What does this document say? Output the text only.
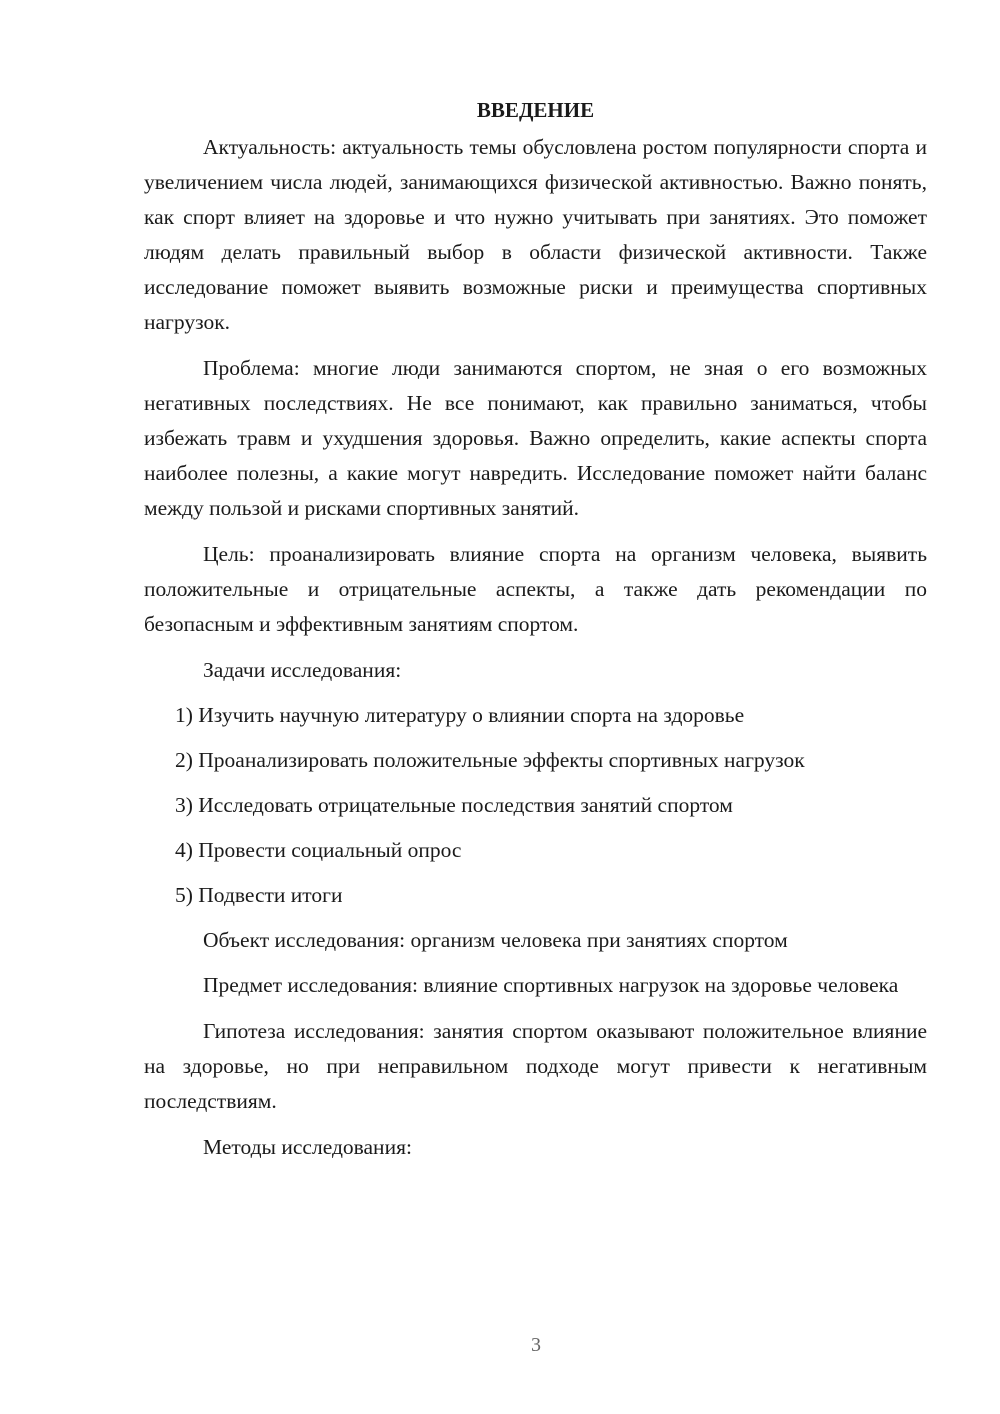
ВВЕДЕНИЕ

Актуальность: актуальность темы обусловлена ростом популярности спорта и увеличением числа людей, занимающихся физической активностью. Важно понять, как спорт влияет на здоровье и что нужно учитывать при занятиях. Это поможет людям делать правильный выбор в области физической активности. Также исследование поможет выявить возможные риски и преимущества спортивных нагрузок.

Проблема: многие люди занимаются спортом, не зная о его возможных негативных последствиях. Не все понимают, как правильно заниматься, чтобы избежать травм и ухудшения здоровья. Важно определить, какие аспекты спорта наиболее полезны, а какие могут навредить. Исследование поможет найти баланс между пользой и рисками спортивных занятий.

Цель: проанализировать влияние спорта на организм человека, выявить положительные и отрицательные аспекты, а также дать рекомендации по безопасным и эффективным занятиям спортом.

Задачи исследования:

1) Изучить научную литературу о влиянии спорта на здоровье
2) Проанализировать положительные эффекты спортивных нагрузок
3) Исследовать отрицательные последствия занятий спортом
4) Провести социальный опрос
5) Подвести итоги

Объект исследования: организм человека при занятиях спортом

Предмет исследования: влияние спортивных нагрузок на здоровье человека

Гипотеза исследования: занятия спортом оказывают положительное влияние на здоровье, но при неправильном подходе могут привести к негативным последствиям.

Методы исследования:

3
